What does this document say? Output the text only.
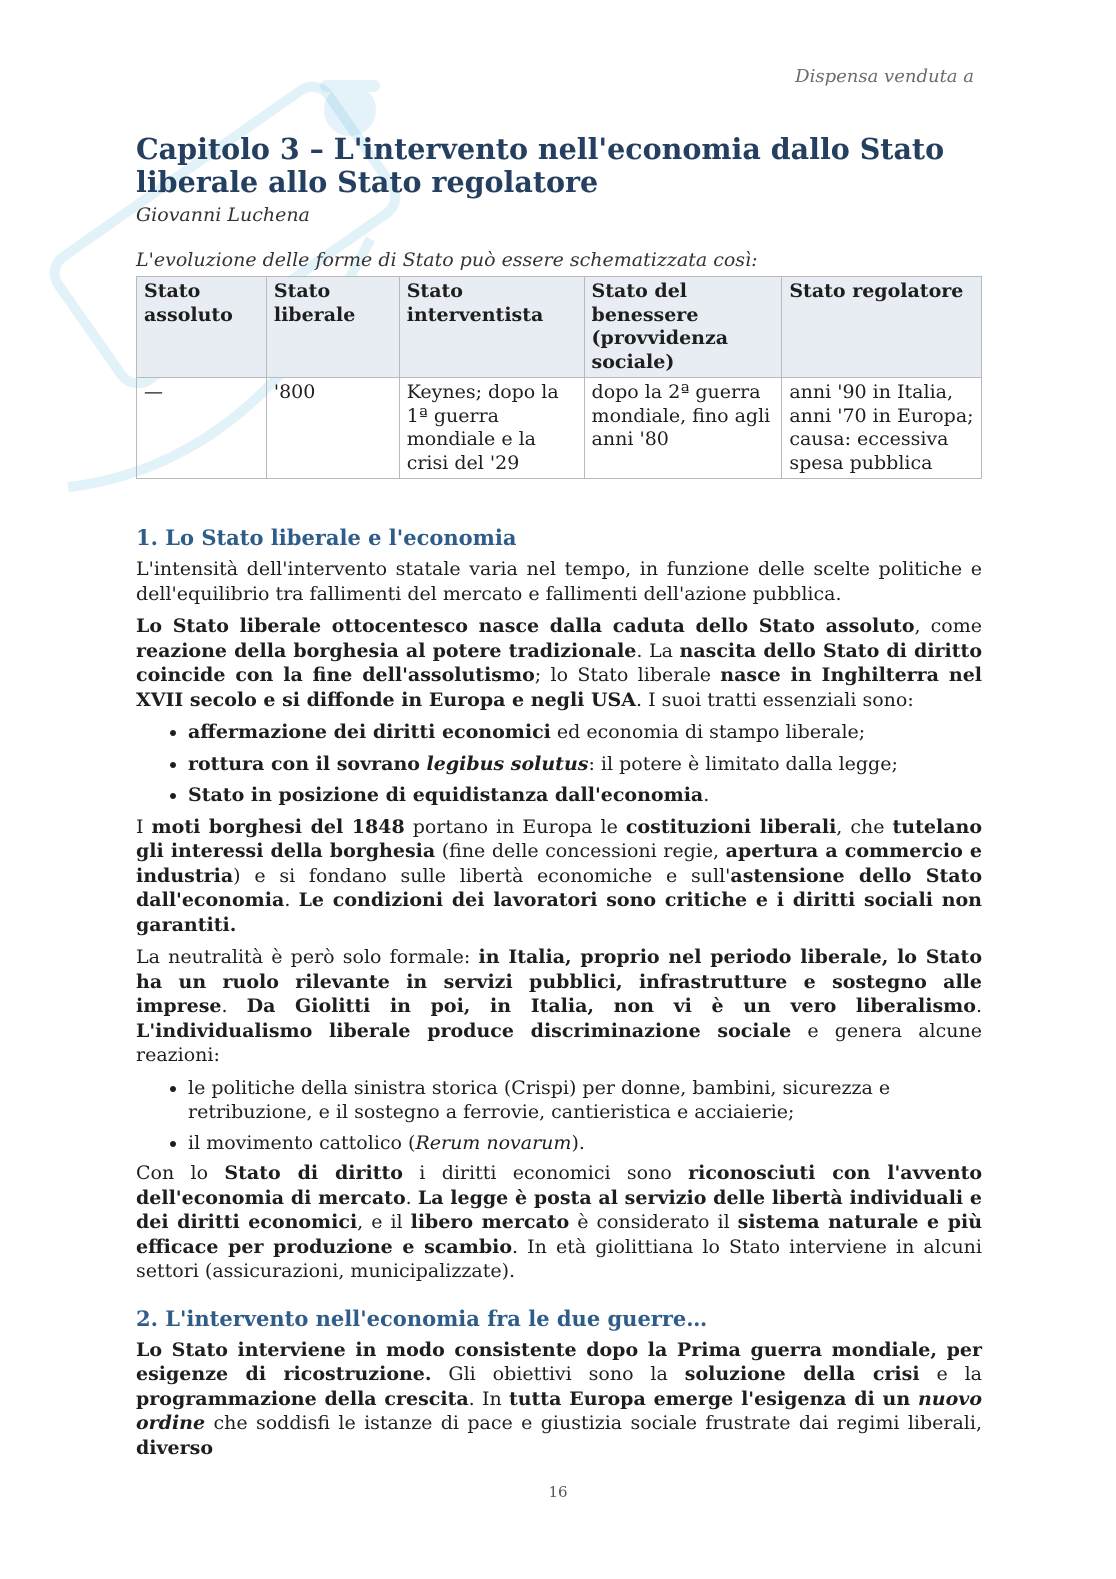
Dispensa venduta a
Capitolo 3 – L'intervento nell'economia dallo Stato liberale allo Stato regolatore
Giovanni Luchena
L'evoluzione delle forme di Stato può essere schematizzata così:
Stato assoluto	Stato liberale	Stato interventista	Stato del benessere (provvidenza sociale)	Stato regolatore
—	'800	Keynes; dopo la 1ª guerra mondiale e la crisi del '29	dopo la 2ª guerra mondiale, fino agli anni '80	anni '90 in Italia, anni '70 in Europa; causa: eccessiva spesa pubblica
1. Lo Stato liberale e l'economia

L'intensità dell'intervento statale varia nel tempo, in funzione delle scelte politiche e dell'equilibrio tra fallimenti del mercato e fallimenti dell'azione pubblica.

Lo Stato liberale ottocentesco nasce dalla caduta dello Stato assoluto, come reazione della borghesia al potere tradizionale. La nascita dello Stato di diritto coincide con la fine dell'assolutismo; lo Stato liberale nasce in Inghilterra nel XVII secolo e si diffonde in Europa e negli USA. I suoi tratti essenziali sono:

• affermazione dei diritti economici ed economia di stampo liberale;
• rottura con il sovrano legibus solutus: il potere è limitato dalla legge;
• Stato in posizione di equidistanza dall'economia.

I moti borghesi del 1848 portano in Europa le costituzioni liberali, che tutelano gli interessi della borghesia (fine delle concessioni regie, apertura a commercio e industria) e si fondano sulle libertà economiche e sull'astensione dello Stato dall'economia. Le condizioni dei lavoratori sono critiche e i diritti sociali non garantiti.

La neutralità è però solo formale: in Italia, proprio nel periodo liberale, lo Stato ha un ruolo rilevante in servizi pubblici, infrastrutture e sostegno alle imprese. Da Giolitti in poi, in Italia, non vi è un vero liberalismo. L'individualismo liberale produce discriminazione sociale e genera alcune reazioni:

• le politiche della sinistra storica (Crispi) per donne, bambini, sicurezza e retribuzione, e il sostegno a ferrovie, cantieristica e acciaierie;
• il movimento cattolico (Rerum novarum).

Con lo Stato di diritto i diritti economici sono riconosciuti con l'avvento dell'economia di mercato. La legge è posta al servizio delle libertà individuali e dei diritti economici, e il libero mercato è considerato il sistema naturale e più efficace per produzione e scambio. In età giolittiana lo Stato interviene in alcuni settori (assicurazioni, municipalizzate).

2. L'intervento nell'economia fra le due guerre…

Lo Stato interviene in modo consistente dopo la Prima guerra mondiale, per esigenze di ricostruzione. Gli obiettivi sono la soluzione della crisi e la programmazione della crescita. In tutta Europa emerge l'esigenza di un nuovo ordine che soddisfi le istanze di pace e giustizia sociale frustrate dai regimi liberali, diverso

16
